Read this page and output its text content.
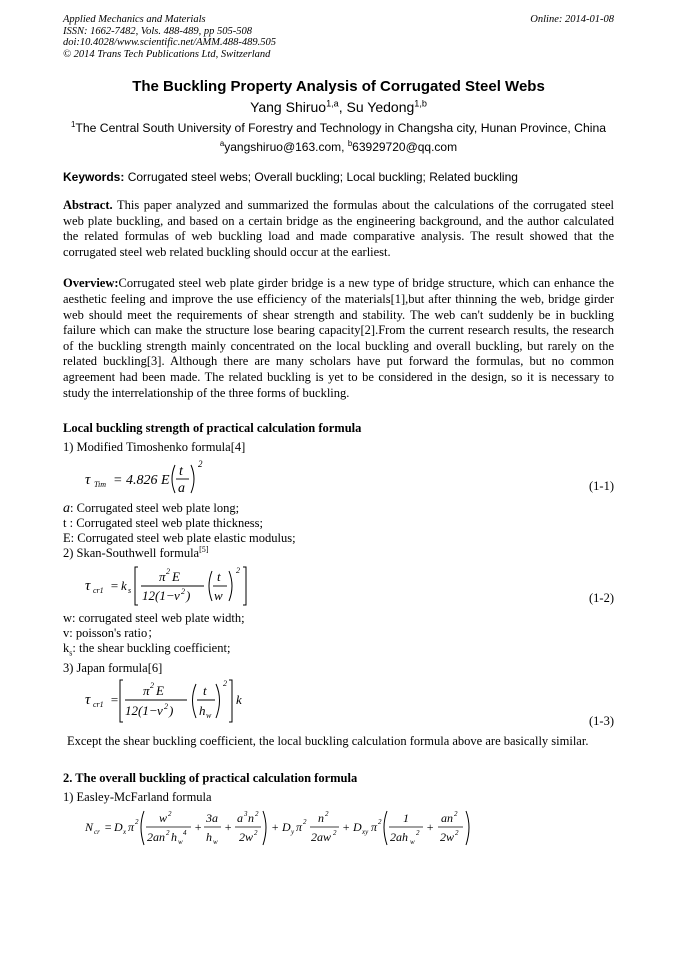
Applied Mechanics and Materials
ISSN: 1662-7482, Vols. 488-489, pp 505-508
doi:10.4028/www.scientific.net/AMM.488-489.505
© 2014 Trans Tech Publications Ltd, Switzerland
Online: 2014-01-08
The Buckling Property Analysis of Corrugated Steel Webs
Yang Shiruo$^{1,a}$, Su Yedong$^{1,b}$
$^1$The Central South University of Forestry and Technology in Changsha city, Hunan Province, China
$^a$yangshiruo@163.com, $^b$63929720@qq.com
Keywords: Corrugated steel webs; Overall buckling; Local buckling; Related buckling
Abstract. This paper analyzed and summarized the formulas about the calculations of the corrugated steel web plate buckling, and based on a certain bridge as the engineering background, and the author calculated the related formulas of web buckling load and made comparative analysis. The result showed that the corrugated steel web related buckling should occur at the earliest.
Overview:Corrugated steel web plate girder bridge is a new type of bridge structure, which can enhance the aesthetic feeling and improve the use efficiency of the materials[1],but after thinning the web, bridge girder web should meet the requirements of shear strength and stability. The web can't suddenly be in buckling failure which can make the structure lose bearing capacity[2].From the current research results, the research of the buckling strength mainly concentrated on the local buckling and overall buckling, but rarely on the related buckling[3]. Although there are many scholars have put forward the formulas, but no common agreement had been made. The related buckling is yet to be considered in the design, so it is necessary to study the interrelationship of the three forms of buckling.
Local buckling strength of practical calculation formula
1) Modified Timoshenko formula[4]
τ Tim = 4.826 E
t
a
2
(1-1)
a: Corrugated steel web plate long;
t : Corrugated steel web plate thickness;
E: Corrugated steel web plate elastic modulus;
2) Skan-Southwell formula[5]
τ cr1 = k s
π 2 E
12(1− ν 2 )
t
w
2
(1-2)
w: corrugated steel web plate width;
v: poisson's ratio；
$k_s$: the shear buckling coefficient;
3) Japan formula[6]
τ cr1 =
π 2 E
12(1− ν 2 )
t
h w
2
k
(1-3)
Except the shear buckling coefficient, the local buckling calculation formula above are basically similar.
2. The overall buckling of practical calculation formula
1) Easley-McFarland formula
N cr = D x π 2 w 2
2 an 2 h w
4 +
3 a
h w
+
a 3 n 2
2 w 2 + D y π 2 n 2
2 aw 2 + D xy π 2 1
2 ah w
2 +
an 2
2 w 2
